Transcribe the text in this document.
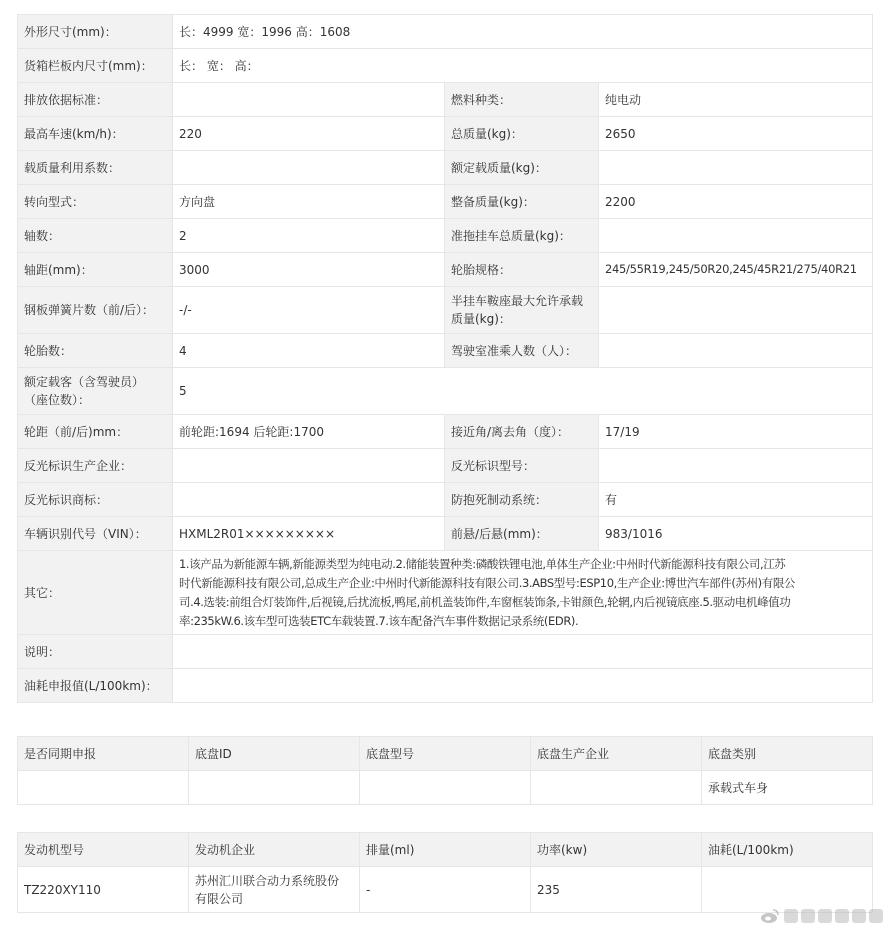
外形尺寸(mm)：	长：4999 宽：1996 高：1608		
货箱栏板内尺寸(mm)：	长： 宽： 高：		
排放依据标准：		燃料种类：	纯电动
最高车速(km/h)：	220	总质量(kg)：	2650
载质量利用系数：		额定载质量(kg)：	
转向型式：	方向盘	整备质量(kg)：	2200
轴数：	2	准拖挂车总质量(kg)：	
轴距(mm)：	3000	轮胎规格：	245/55R19,245/50R20,245/45R21/275/40R21
钢板弹簧片数（前/后）：	-/-	半挂车鞍座最大允许承载
质量(kg)：	

轮胎数：	4	驾驶室准乘人数（人）：	

额定载客（含驾驶员）
（座位数）：	5		
轮距（前/后)mm：	前轮距:1694 后轮距:1700	接近角/离去角（度）：	17/19
反光标识生产企业：		反光标识型号：	
反光标识商标：		防抱死制动系统：	有
车辆识别代号（VIN）：	HXML2R01×××××××××	前悬/后悬(mm)：	983/1016
其它：	1.该产品为新能源车辆,新能源类型为纯电动.2.储能装置种类:磷酸铁锂电池,单体生产企业:中州时代新能源科技有限公司,江苏
时代新能源科技有限公司,总成生产企业:中州时代新能源科技有限公司.3.ABS型号:ESP10,生产企业:博世汽车部件(苏州)有限公
司.4.选装:前组合灯装饰件,后视镜,后扰流板,鸭尾,前机盖装饰件,车窗框装饰条,卡钳颜色,轮辋,内后视镜底座.5.驱动电机峰值功
率:235kW.6.该车型可选装ETC车载装置.7.该车配备汽车事件数据记录系统(EDR).		

说明：			
油耗申报值(L/100km)：			
是否同期申报	底盘ID	底盘型号	底盘生产企业	底盘类别
				承载式车身
发动机型号	发动机企业	排量(ml)	功率(kw)	油耗(L/100km)
TZ220XY110	苏州汇川联合动力系统股份
有限公司	-	235	
